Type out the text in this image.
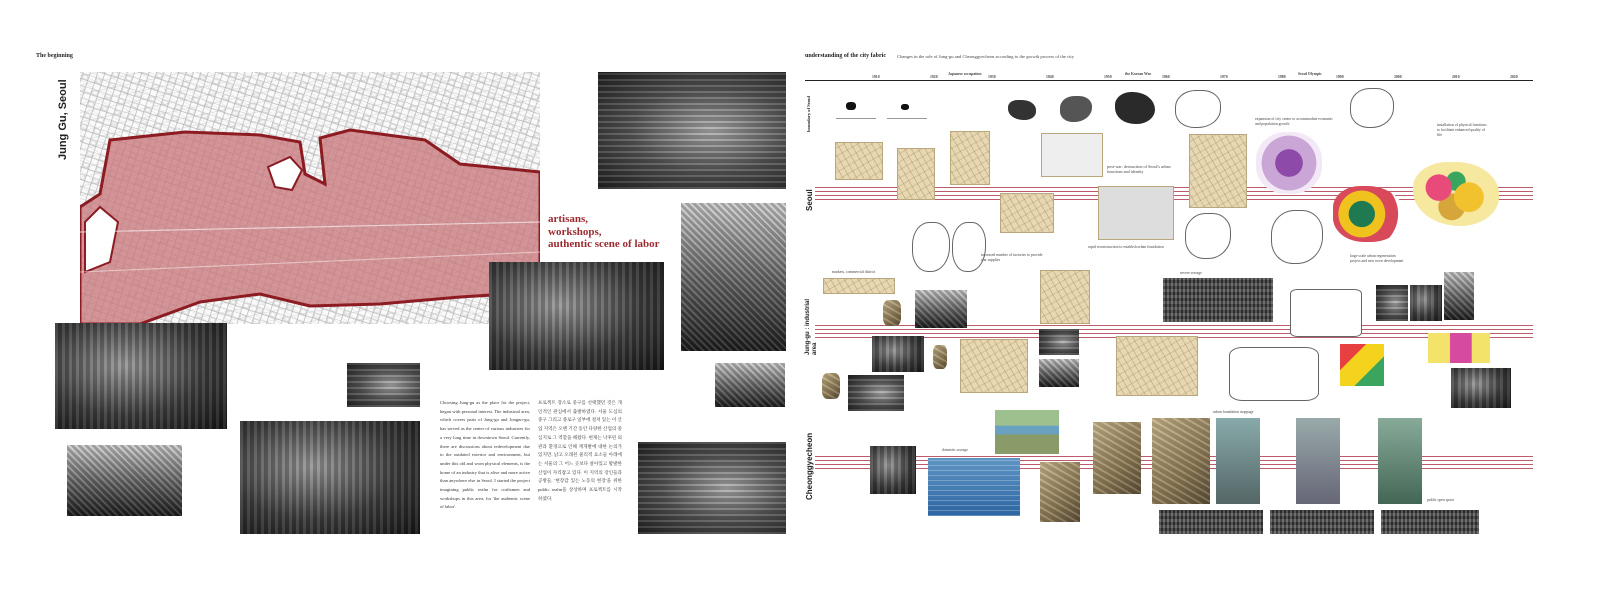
The beginning
Jung Gu, Seoul
artisans,
workshops,
authentic scene of labor
Choosing Jung-gu as the place for the project, began with personal interest. The industrial area, which covers parts of Jung-gu and Jongno-gu, has served as the center of various industries for a very long time in downtown Seoul. Currently, there are discussions about redevelopment due to the outdated exterior and environment, but under this old and worn physical elements, is the home of an industry that is alive and more active than anywhere else in Seoul. I started the project imagining public realm for craftsmen and workshops in this area, for 'the authentic scene of labor'.
프로젝트 장소로 중구를 선택했던 것은 개인적인 관심에서 출발하였다. 서울 도심의 중구 그리고 종로구 일부에 걸쳐 있는 이 산업 지역은 오랜 기간 동안 다양한 산업의 중심지로 그 역할을 해왔다. 현재는 낙후된 외관과 환경으로 인해 재개발에 대한 논의가 있지만, 낡고 오래된 물리적 요소들 아래에는 서울의 그 어느 곳보다 살아있고 활발한 산업이 자리잡고 있다. 이 지역의 장인들과 공방들, '현장감 있는 노동의 현장'을 위한 public realm을 상상하며 프로젝트를 시작하였다.
understanding of the city fabric Changes in the role of Jung-gu and Cheonggyecheon according to the growth process of the city
Japanese occupation	the Korean War	Seoul Olympic
1910	1920	1930	1940	1950	1960	1970	1980	1990	2000	2010	2020
boundary of Seoul
Seoul
Jung-gu : industrial area
Cheonggyecheon
expansion of city center to accommodate economic and population growth	installation of physical functions to facilitate enhanced quality of life
post-war: destruction of Seoul's urban functions and identity
increased number of factories to provide war supplies
rapid reconstruction to establish urban foundation
large scale urban regeneration project and new town development
markets, commercial district	severe sewage
domestic sewage
urban foundation stoppage
public open space
